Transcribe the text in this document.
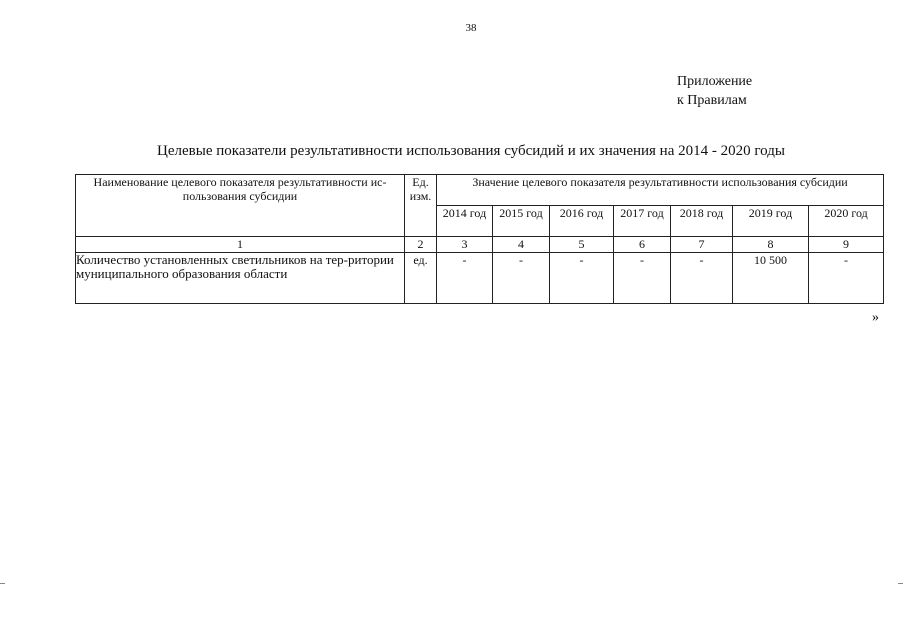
38
Приложение
к Правилам
Целевые показатели результативности использования субсидий и их значения на 2014 - 2020 годы
Наименование целевого показателя результативности ис-пользования субсидии	Ед. изм.	Значение целевого показателя результативности использования субсидии						
		2014 год	2015 год	2016 год	2017 год	2018 год	2019 год	2020 год
1	2	3	4	5	6	7	8	9
Количество установленных светильников на тер-ритории муниципального образования области	ед.	-	-	-	-	-	10 500	-
»
